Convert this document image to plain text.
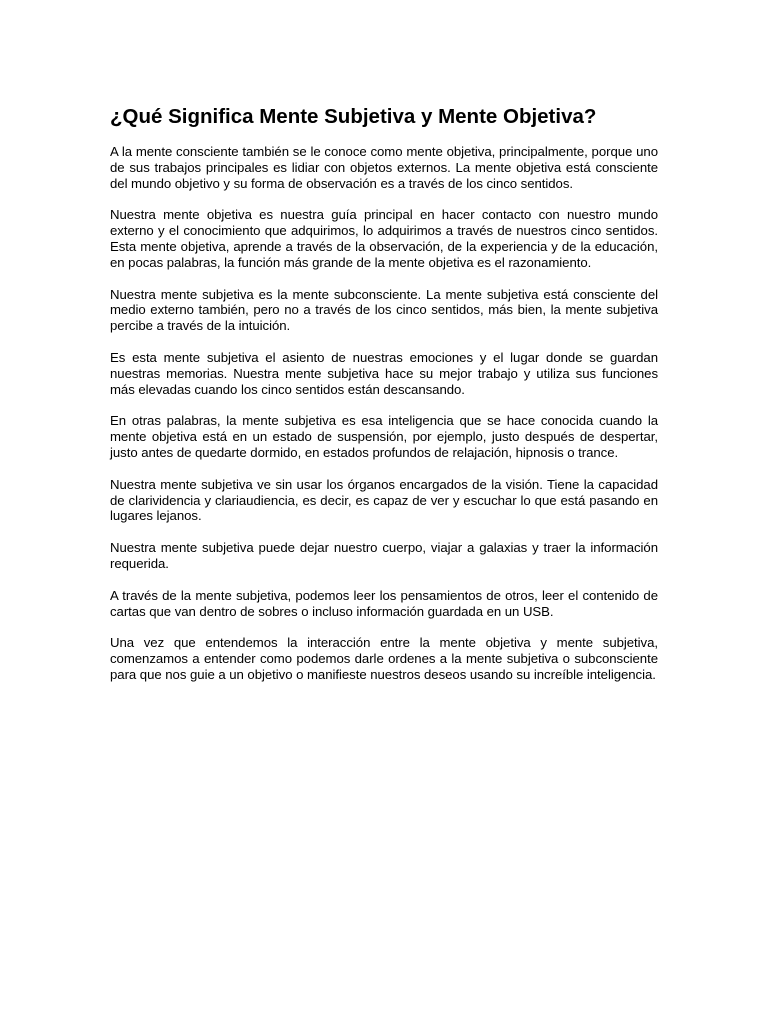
¿Qué Significa Mente Subjetiva y Mente Objetiva?

A la mente consciente también se le conoce como mente objetiva, principalmente, porque uno de sus trabajos principales es lidiar con objetos externos. La mente objetiva está consciente del mundo objetivo y su forma de observación es a través de los cinco sentidos.

Nuestra mente objetiva es nuestra guía principal en hacer contacto con nuestro mundo externo y el conocimiento que adquirimos, lo adquirimos a través de nuestros cinco sentidos. Esta mente objetiva, aprende a través de la observación, de la experiencia y de la educación, en pocas palabras, la función más grande de la mente objetiva es el razonamiento.

Nuestra mente subjetiva es la mente subconsciente. La mente subjetiva está consciente del medio externo también, pero no a través de los cinco sentidos, más bien, la mente subjetiva percibe a través de la intuición.

Es esta mente subjetiva el asiento de nuestras emociones y el lugar donde se guardan nuestras memorias. Nuestra mente subjetiva hace su mejor trabajo y utiliza sus funciones más elevadas cuando los cinco sentidos están descansando.

En otras palabras, la mente subjetiva es esa inteligencia que se hace conocida cuando la mente objetiva está en un estado de suspensión, por ejemplo, justo después de despertar, justo antes de quedarte dormido, en estados profundos de relajación, hipnosis o trance.

Nuestra mente subjetiva ve sin usar los órganos encargados de la visión. Tiene la capacidad de clarividencia y clariaudiencia, es decir, es capaz de ver y escuchar lo que está pasando en lugares lejanos.

Nuestra mente subjetiva puede dejar nuestro cuerpo, viajar a galaxias y traer la información requerida.

A través de la mente subjetiva, podemos leer los pensamientos de otros, leer el contenido de cartas que van dentro de sobres o incluso información guardada en un USB.

Una vez que entendemos la interacción entre la mente objetiva y mente subjetiva, comenzamos a entender como podemos darle ordenes a la mente subjetiva o subconsciente para que nos guie a un objetivo o manifieste nuestros deseos usando su increíble inteligencia.
